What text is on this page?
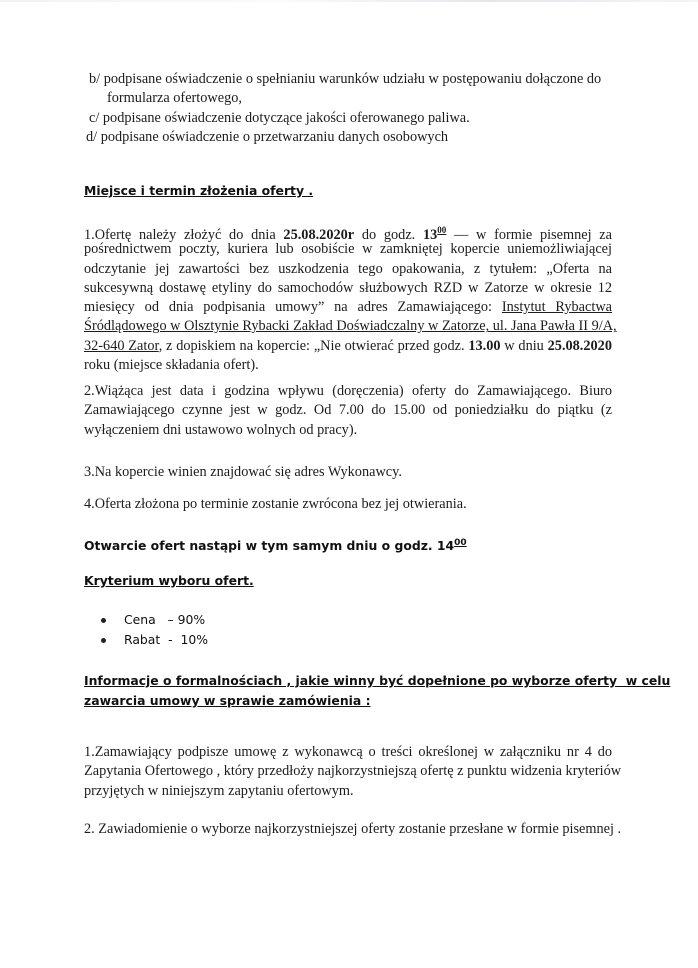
b/ podpisane oświadczenie o spełnianiu warunków udziału w postępowaniu dołączone do
formularza ofertowego,
c/ podpisane oświadczenie dotyczące jakości oferowanego paliwa.
d/ podpisane oświadczenie o przetwarzaniu danych osobowych
Miejsce i termin złożenia oferty .
1.Ofertę należy złożyć do dnia 25.08.2020r do godz. $13^{00}$ — w formie pisemnej za
pośrednictwem poczty, kuriera lub osobiście w zamkniętej kopercie uniemożliwiającej
odczytanie jej zawartości bez uszkodzenia tego opakowania, z tytułem: „Oferta na
sukcesywną dostawę etyliny do samochodów służbowych RZD w Zatorze w okresie 12
miesięcy od dnia podpisania umowy” na adres Zamawiającego: Instytut Rybactwa
Śródlądowego w Olsztynie Rybacki Zakład Doświadczalny w Zatorze, ul. Jana Pawła II 9/A,
32-640 Zator, z dopiskiem na kopercie: „Nie otwierać przed godz. 13.00 w dniu 25.08.2020
roku (miejsce składania ofert).
2.Wiążąca jest data i godzina wpływu (doręczenia) oferty do Zamawiającego. Biuro
Zamawiającego czynne jest w godz. Od 7.00 do 15.00 od poniedziałku do piątku (z
wyłączeniem dni ustawowo wolnych od pracy).
3.Na kopercie winien znajdować się adres Wykonawcy.
4.Oferta złożona po terminie zostanie zwrócona bez jej otwierania.
Otwarcie ofert nastąpi w tym samym dniu o godz. $14^{00}$
Kryterium wyboru ofert.
Cena   – 90%
Rabat  -  10%
Informacje o formalnościach , jakie winny być dopełnione po wyborze oferty  w celu
zawarcia umowy w sprawie zamówienia :
1.Zamawiający podpisze umowę z wykonawcą o treści określonej w załączniku nr 4 do
Zapytania Ofertowego , który przedłoży najkorzystniejszą ofertę z punktu widzenia kryteriów
przyjętych w niniejszym zapytaniu ofertowym.
2. Zawiadomienie o wyborze najkorzystniejszej oferty zostanie przesłane w formie pisemnej .
